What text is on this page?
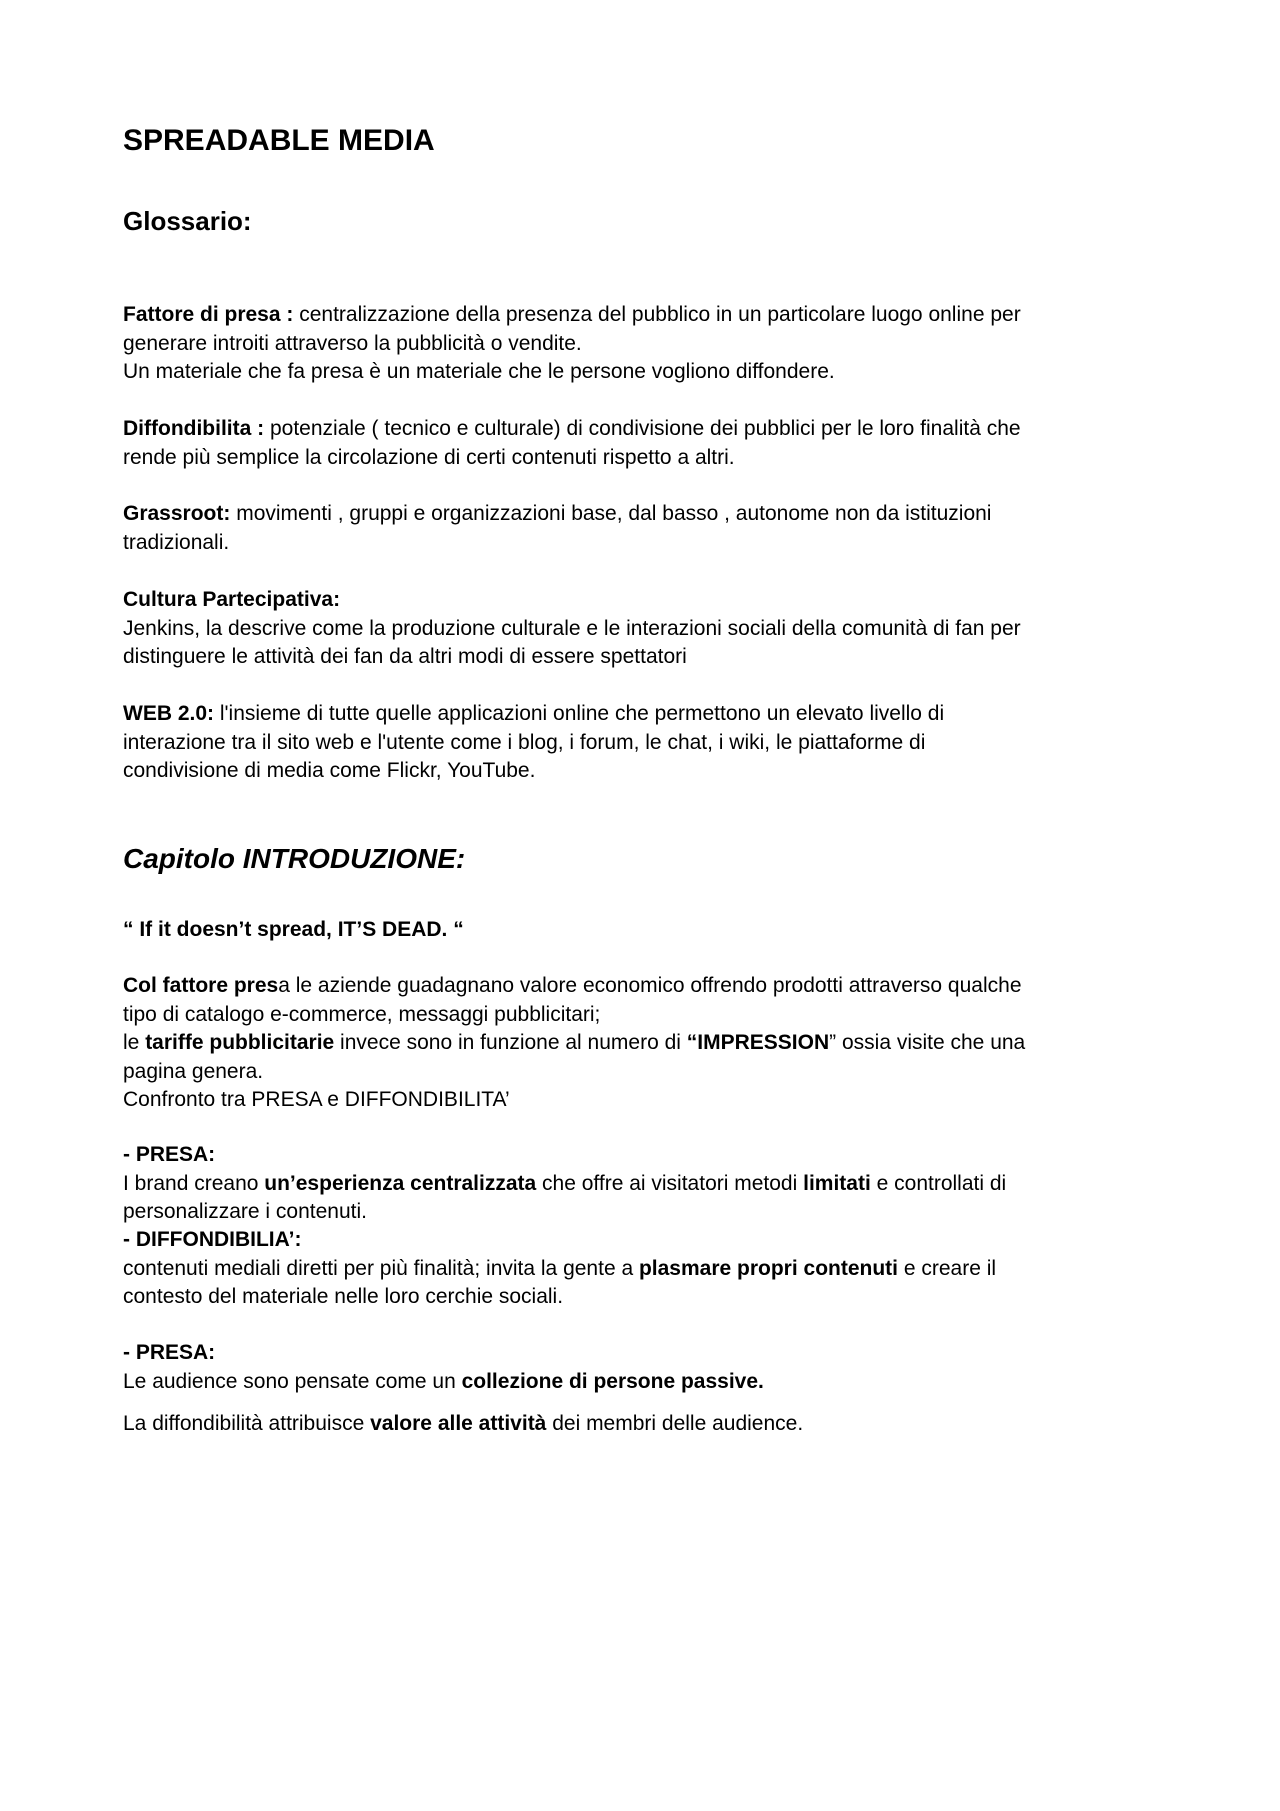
SPREADABLE MEDIA
Glossario:
Fattore di presa : centralizzazione della presenza del pubblico in un particolare luogo online per
generare introiti attraverso la pubblicità o vendite.
Un materiale che fa presa è un materiale che le persone vogliono diffondere.
Diffondibilita : potenziale ( tecnico e culturale) di condivisione dei pubblici per le loro finalità che
rende più semplice la circolazione di certi contenuti rispetto a altri.
Grassroot: movimenti , gruppi e organizzazioni base, dal basso , autonome non da istituzioni
tradizionali.
Cultura Partecipativa:
Jenkins, la descrive come la produzione culturale e le interazioni sociali della comunità di fan per
distinguere le attività dei fan da altri modi di essere spettatori
WEB 2.0: l'insieme di tutte quelle applicazioni online che permettono un elevato livello di
interazione tra il sito web e l'utente come i blog, i forum, le chat, i wiki, le piattaforme di
condivisione di media come Flickr, YouTube.
Capitolo INTRODUZIONE:
“ If it doesn’t spread, IT’S DEAD. “
Col fattore presa le aziende guadagnano valore economico offrendo prodotti attraverso qualche
tipo di catalogo e-commerce, messaggi pubblicitari;
le tariffe pubblicitarie invece sono in funzione al numero di “IMPRESSION” ossia visite che una
pagina genera.
Confronto tra PRESA e DIFFONDIBILITA’
- PRESA:
I brand creano un’esperienza centralizzata che offre ai visitatori metodi limitati e controllati di
personalizzare i contenuti.
- DIFFONDIBILIA’:
contenuti mediali diretti per più finalità; invita la gente a plasmare propri contenuti e creare il
contesto del materiale nelle loro cerchie sociali.
- PRESA:
Le audience sono pensate come un collezione di persone passive.
La diffondibilità attribuisce valore alle attività dei membri delle audience.
